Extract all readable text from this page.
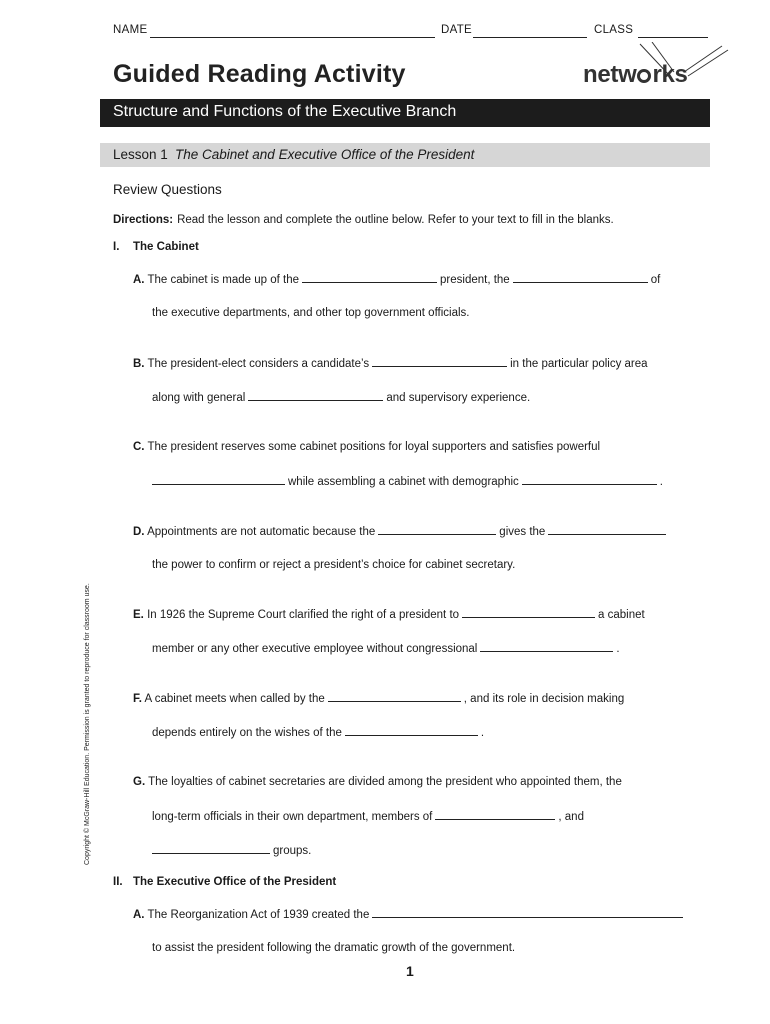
NAME	DATE	CLASS
Guided Reading Activity	netw rks
Structure and Functions of the Executive Branch
Lesson 1 The Cabinet and Executive Office of the President
Review Questions
Directions: Read the lesson and complete the outline below. Refer to your text to fill in the blanks.
I. The Cabinet
A. The cabinet is made up of the	president, the	of
the executive departments, and other top government officials.
B. The president-elect considers a candidate’s	in the particular policy area
along with general	and supervisory experience.
C. The president reserves some cabinet positions for loyal supporters and satisfies powerful
while assembling a cabinet with demographic	.
D. Appointments are not automatic because the	gives the
the power to confirm or reject a president’s choice for cabinet secretary.
E. In 1926 the Supreme Court clarified the right of a president to	a cabinet
member or any other executive employee without congressional	.
F. A cabinet meets when called by the	, and its role in decision making
depends entirely on the wishes of the	.
G. The loyalties of cabinet secretaries are divided among the president who appointed them, the
long-term officials in their own department, members of	, and
groups.
II. The Executive Office of the President
A. The Reorganization Act of 1939 created the
to assist the president following the dramatic growth of the government.
Copyright © McGraw-Hill Education. Permission is granted to reproduce for classroom use.
1
